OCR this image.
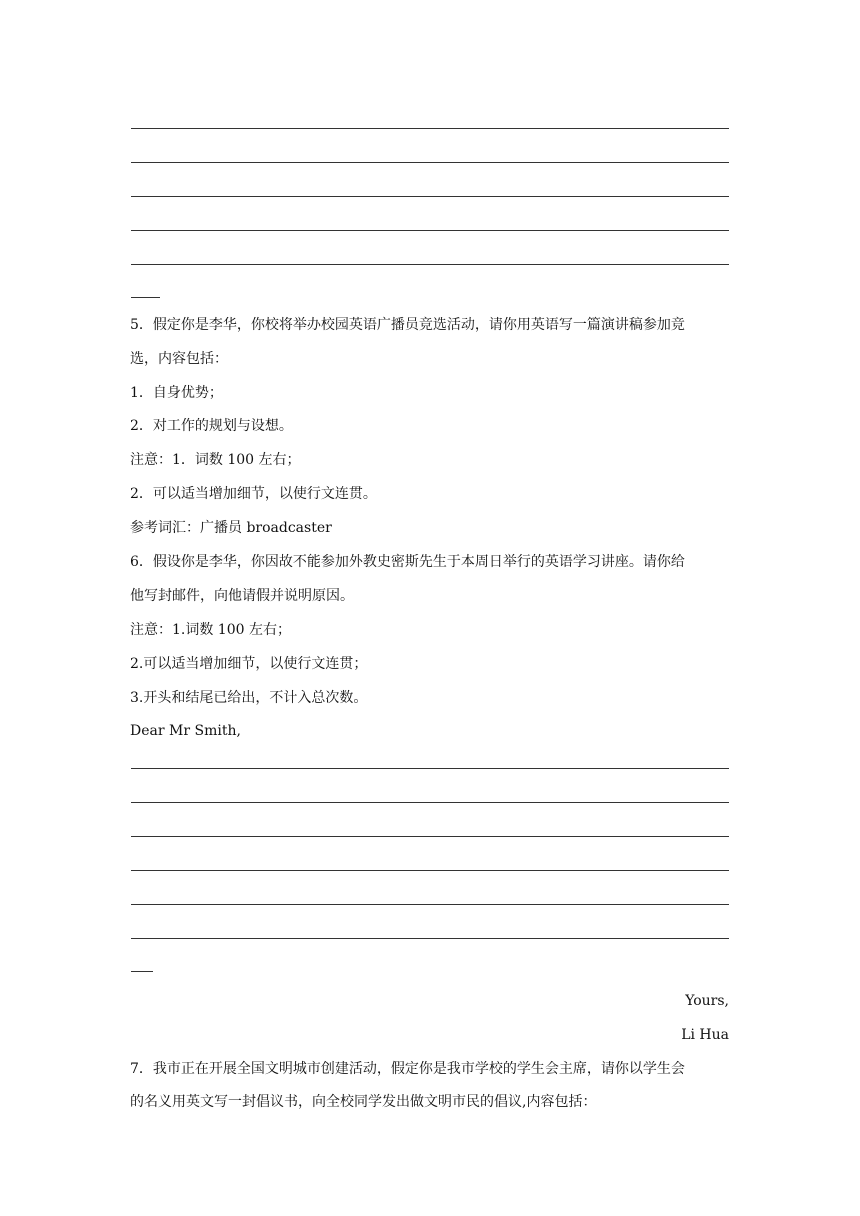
5．假定你是李华，你校将举办校园英语广播员竞选活动，请你用英语写一篇演讲稿参加竞
选，内容包括：
1．自身优势；
2．对工作的规划与设想。
注意：1．词数 100 左右；
2．可以适当增加细节，以使行文连贯。
参考词汇：广播员 broadcaster
6．假设你是李华，你因故不能参加外教史密斯先生于本周日举行的英语学习讲座。请你给
他写封邮件，向他请假并说明原因。
注意：1.词数 100 左右；
2.可以适当增加细节，以使行文连贯；
3.开头和结尾已给出，不计入总次数。
Dear Mr Smith,
Yours,
Li Hua
7．我市正在开展全国文明城市创建活动，假定你是我市学校的学生会主席，请你以学生会
的名义用英文写一封倡议书，向全校同学发出做文明市民的倡议,内容包括：
